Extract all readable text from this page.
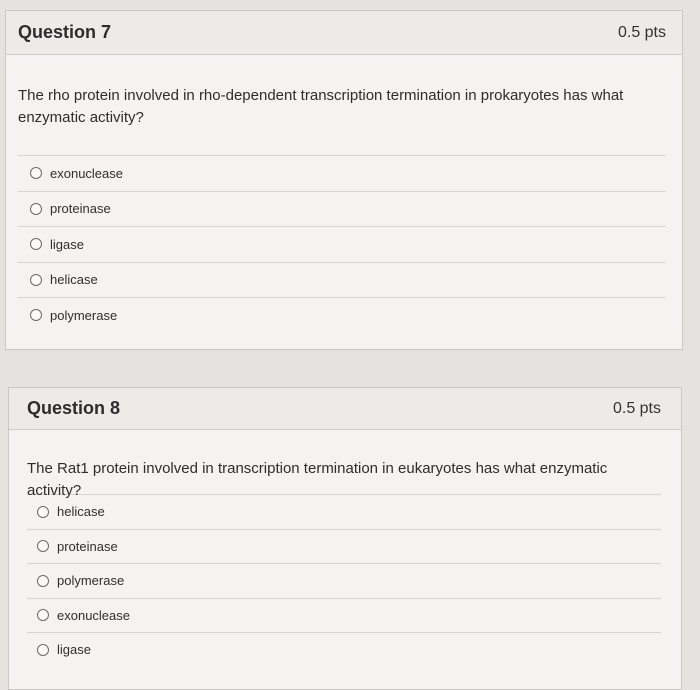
Question 7	0.5 pts
The rho protein involved in rho-dependent transcription termination in prokaryotes has what enzymatic activity?
exonuclease
proteinase
ligase
helicase
polymerase
Question 8	0.5 pts
The Rat1 protein involved in transcription termination in eukaryotes has what enzymatic activity?
helicase
proteinase
polymerase
exonuclease
ligase
